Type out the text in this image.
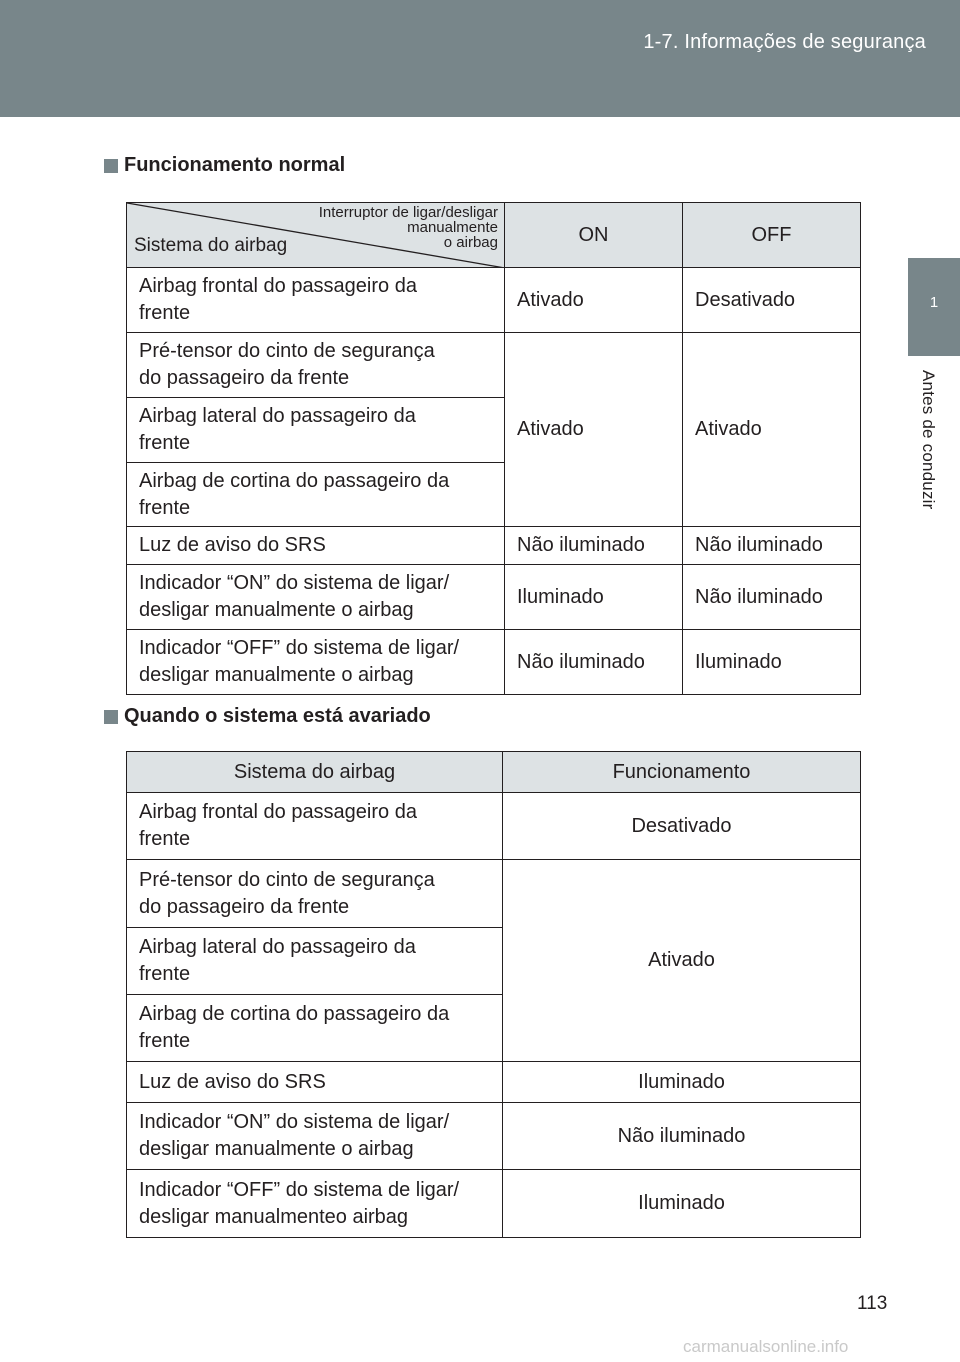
1-7. Informações de segurança
1
Antes de conduzir
Funcionamento normal
Interruptor de ligar/desligar
manualmente
o airbag
Sistema do airbag	ON	OFF
Airbag frontal do passageiro da
frente	Ativado	Desativado
Pré-tensor do cinto de segurança
do passageiro da frente	Ativado	Ativado
Airbag lateral do passageiro da
frente		
Airbag de cortina do passageiro da
frente		
Luz de aviso do SRS	Não iluminado	Não iluminado
Indicador “ON” do sistema de ligar/
desligar manualmente o airbag	Iluminado	Não iluminado
Indicador “OFF” do sistema de ligar/
desligar manualmente o airbag	Não iluminado	Iluminado
Quando o sistema está avariado
Sistema do airbag	Funcionamento
Airbag frontal do passageiro da
frente	Desativado
Pré-tensor do cinto de segurança
do passageiro da frente	Ativado
Airbag lateral do passageiro da
frente	
Airbag de cortina do passageiro da
frente	
Luz de aviso do SRS	Iluminado
Indicador “ON” do sistema de ligar/
desligar manualmente o airbag	Não iluminado
Indicador “OFF” do sistema de ligar/
desligar manualmenteo airbag	Iluminado
113
carmanualsonline.info
